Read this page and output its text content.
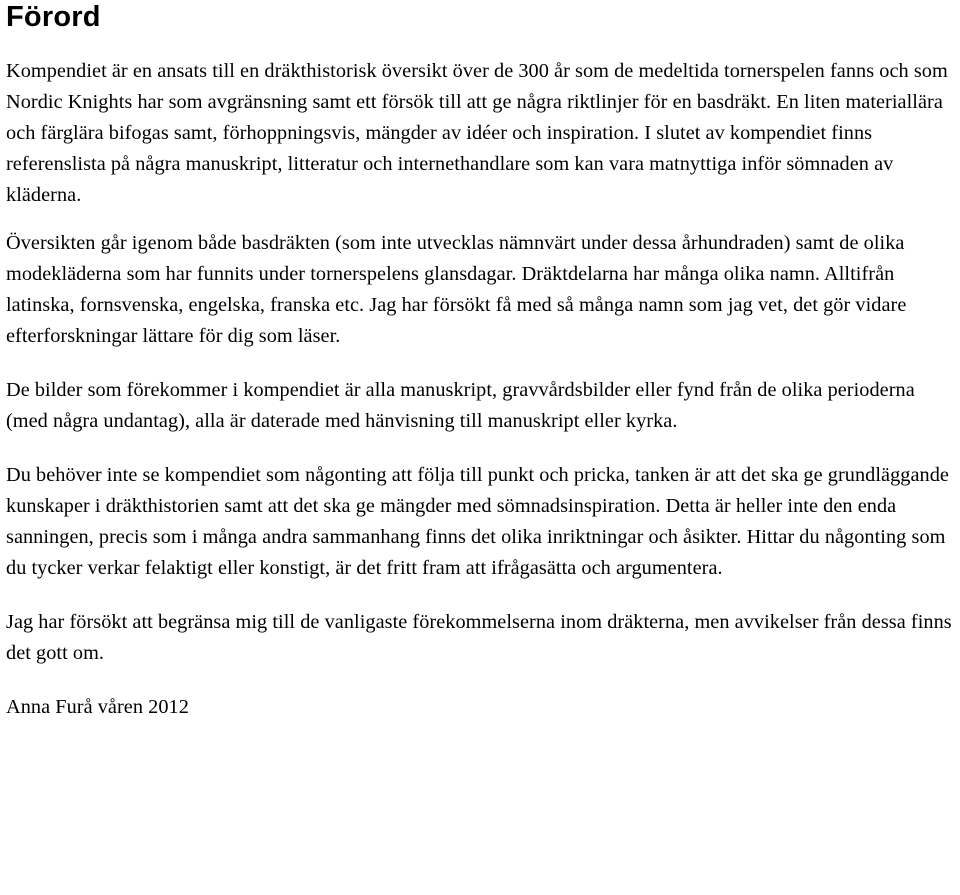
Förord

Kompendiet är en ansats till en dräkthistorisk översikt över de 300 år som de medeltida tornerspelen fanns och som Nordic Knights har som avgränsning samt ett försök till att ge några riktlinjer för en basdräkt. En liten materiallära och färglära bifogas samt, förhoppningsvis, mängder av idéer och inspiration. I slutet av kompendiet finns referenslista på några manuskript, litteratur och internethandlare som kan vara matnyttiga inför sömnaden av kläderna.

Översikten går igenom både basdräkten (som inte utvecklas nämnvärt under dessa århundraden) samt de olika modekläderna som har funnits under tornerspelens glansdagar. Dräktdelarna har många olika namn. Alltifrån latinska, fornsvenska, engelska, franska etc. Jag har försökt få med så många namn som jag vet, det gör vidare efterforskningar lättare för dig som läser.

De bilder som förekommer i kompendiet är alla manuskript, gravvårdsbilder eller fynd från de olika perioderna (med några undantag), alla är daterade med hänvisning till manuskript eller kyrka.

Du behöver inte se kompendiet som någonting att följa till punkt och pricka, tanken är att det ska ge grundläggande kunskaper i dräkthistorien samt att det ska ge mängder med sömnadsinspiration. Detta är heller inte den enda sanningen, precis som i många andra sammanhang finns det olika inriktningar och åsikter. Hittar du någonting som du tycker verkar felaktigt eller konstigt, är det fritt fram att ifrågasätta och argumentera.

Jag har försökt att begränsa mig till de vanligaste förekommelserna inom dräkterna, men avvikelser från dessa finns det gott om.

Anna Furå våren 2012
